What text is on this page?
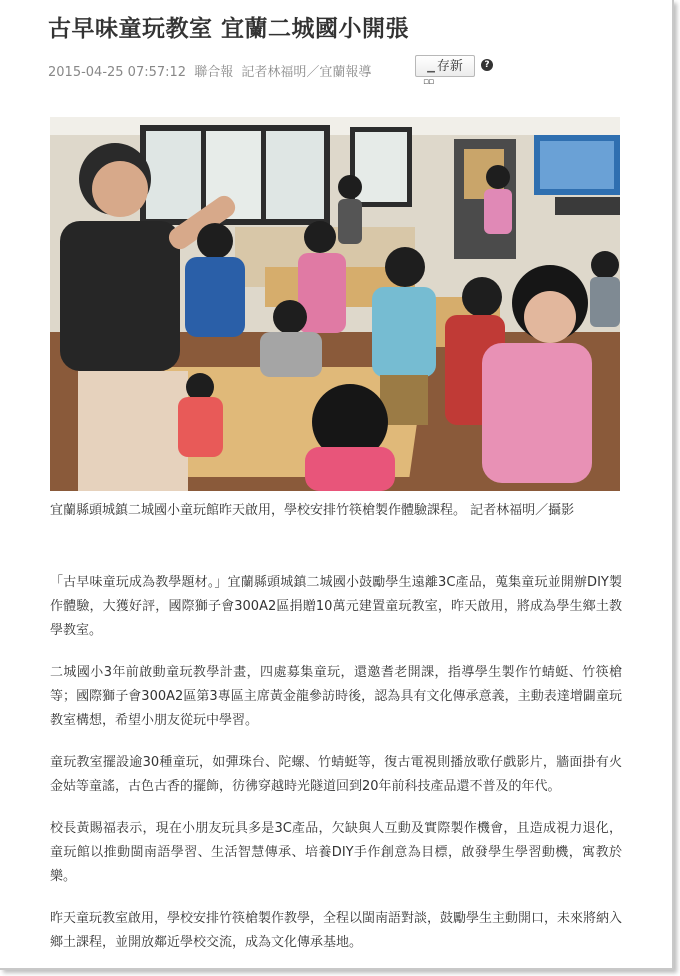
古早味童玩教室 宜蘭二城國小開張
2015-04-25 07:57:12 聯合報 記者林福明／宜蘭報導	▁ 存新
▫▫
?
宜蘭縣頭城鎮二城國小童玩館昨天啟用，學校安排竹筷槍製作體驗課程。 記者林福明／攝影

「古早味童玩成為教學題材。」宜蘭縣頭城鎮二城國小鼓勵學生遠離3C產品，蒐集童玩並開辦DIY製作體驗，大獲好評，國際獅子會300A2區捐贈10萬元建置童玩教室，昨天啟用，將成為學生鄉土教學教室。

二城國小3年前啟動童玩教學計畫，四處募集童玩，還邀耆老開課，指導學生製作竹蜻蜓、竹筷槍等；國際獅子會300A2區第3專區主席黃金龍參訪時後，認為具有文化傳承意義，主動表達增闢童玩教室構想，希望小朋友從玩中學習。

童玩教室擺設逾30種童玩，如彈珠台、陀螺、竹蜻蜓等，復古電視則播放歌仔戲影片，牆面掛有火金姑等童謠，古色古香的擺飾，彷彿穿越時光隧道回到20年前科技產品還不普及的年代。

校長黃賜福表示，現在小朋友玩具多是3C產品，欠缺與人互動及實際製作機會，且造成視力退化，童玩館以推動閩南語學習、生活智慧傳承、培養DIY手作創意為目標，啟發學生學習動機，寓教於樂。

昨天童玩教室啟用，學校安排竹筷槍製作教學，全程以閩南語對談，鼓勵學生主動開口，未來將納入鄉土課程，並開放鄰近學校交流，成為文化傳承基地。
